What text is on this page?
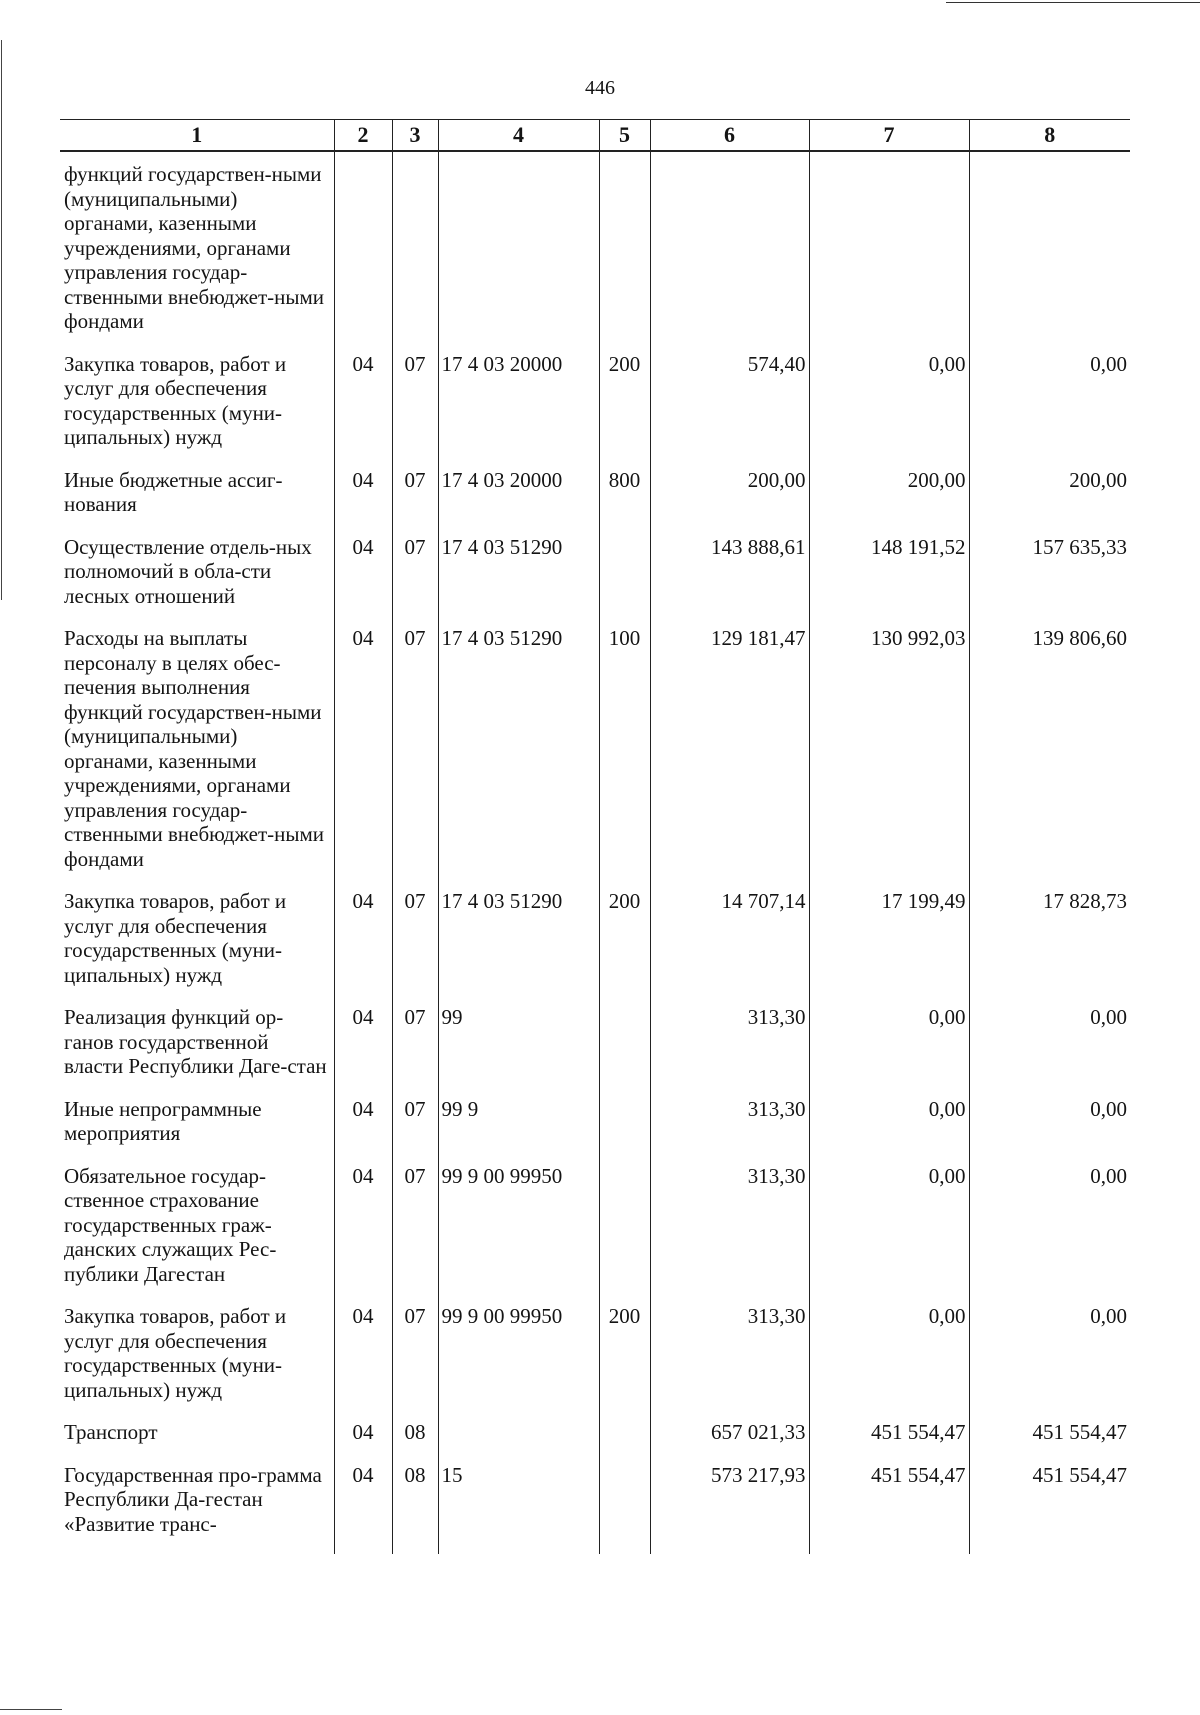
446
1	2	3	4	5	6	7	8
функций государствен-ными (муниципальными) органами, казенными учреждениями, органами управления государ-ственными внебюджет-ными фондами							
Закупка товаров, работ и услуг для обеспечения государственных (муни-ципальных) нужд	04	07	17 4 03 20000	200	574,40	0,00	0,00
Иные бюджетные ассиг-нования	04	07	17 4 03 20000	800	200,00	200,00	200,00
Осуществление отдель-ных полномочий в обла-сти лесных отношений	04	07	17 4 03 51290		143 888,61	148 191,52	157 635,33
Расходы на выплаты персоналу в целях обес-печения выполнения функций государствен-ными (муниципальными) органами, казенными учреждениями, органами управления государ-ственными внебюджет-ными фондами	04	07	17 4 03 51290	100	129 181,47	130 992,03	139 806,60
Закупка товаров, работ и услуг для обеспечения государственных (муни-ципальных) нужд	04	07	17 4 03 51290	200	14 707,14	17 199,49	17 828,73
Реализация функций ор-ганов государственной власти Республики Даге-стан	04	07	99		313,30	0,00	0,00
Иные непрограммные мероприятия	04	07	99 9		313,30	0,00	0,00
Обязательное государ-ственное страхование государственных граж-данских служащих Рес-публики Дагестан	04	07	99 9 00 99950		313,30	0,00	0,00
Закупка товаров, работ и услуг для обеспечения государственных (муни-ципальных) нужд	04	07	99 9 00 99950	200	313,30	0,00	0,00
Транспорт	04	08			657 021,33	451 554,47	451 554,47
Государственная про-грамма Республики Да-гестан «Развитие транс-	04	08	15		573 217,93	451 554,47	451 554,47
